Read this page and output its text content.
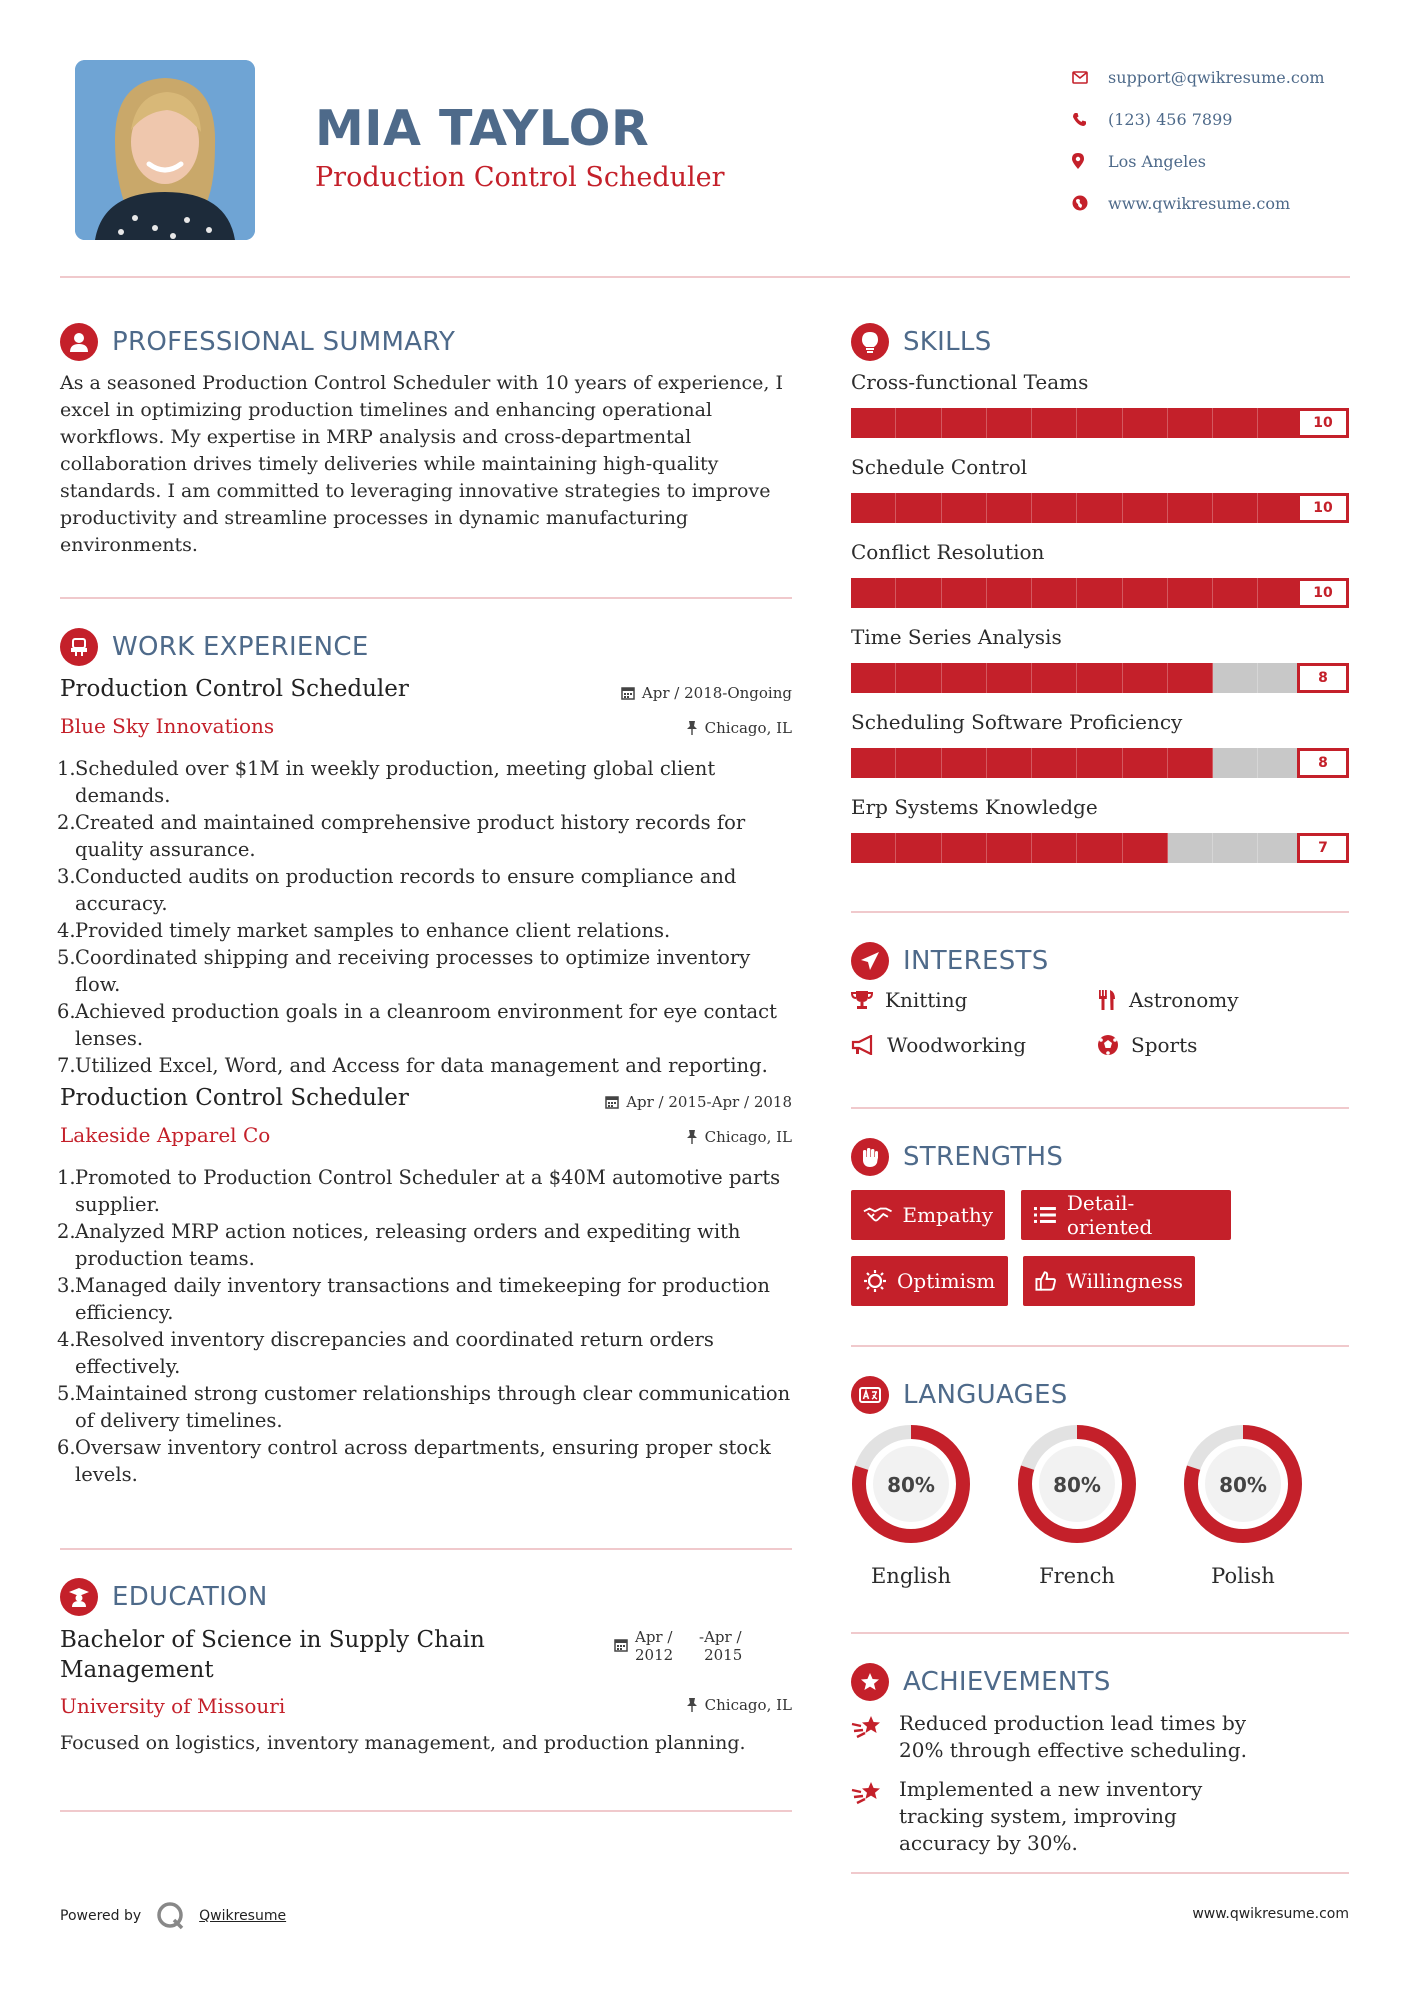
MIA TAYLOR
Production Control Scheduler
support@qwikresume.com
(123) 456 7899
Los Angeles
www.qwikresume.com
PROFESSIONAL SUMMARY
As a seasoned Production Control Scheduler with 10 years of experience, I excel in optimizing production timelines and enhancing operational workflows. My expertise in MRP analysis and cross-departmental collaboration drives timely deliveries while maintaining high-quality standards. I am committed to leveraging innovative strategies to improve productivity and streamline processes in dynamic manufacturing environments.
WORK EXPERIENCE
Production Control Scheduler	Apr / 2018-Ongoing
Blue Sky Innovations	Chicago, IL
1. Scheduled over $1M in weekly production, meeting global client demands.
2. Created and maintained comprehensive product history records for quality assurance.
3. Conducted audits on production records to ensure compliance and accuracy.
4. Provided timely market samples to enhance client relations.
5. Coordinated shipping and receiving processes to optimize inventory flow.
6. Achieved production goals in a cleanroom environment for eye contact lenses.
7. Utilized Excel, Word, and Access for data management and reporting.
Production Control Scheduler	Apr / 2015-Apr / 2018
Lakeside Apparel Co	Chicago, IL
1. Promoted to Production Control Scheduler at a $40M automotive parts supplier.
2. Analyzed MRP action notices, releasing orders and expediting with production teams.
3. Managed daily inventory transactions and timekeeping for production efficiency.
4. Resolved inventory discrepancies and coordinated return orders effectively.
5. Maintained strong customer relationships through clear communication of delivery timelines.
6. Oversaw inventory control across departments, ensuring proper stock levels.
EDUCATION
Bachelor of Science in Supply Chain Management
Apr / 2012
- Apr / 2015
University of Missouri	Chicago, IL
Focused on logistics, inventory management, and production planning.
SKILLS
Cross-functional Teams
10
Schedule Control
10
Conflict Resolution
10
Time Series Analysis
8
Scheduling Software Proficiency
8
Erp Systems Knowledge
7
INTERESTS
Knitting	Astronomy
Woodworking	Sports
STRENGTHS
Empathy	Detail-oriented
Optimism	Willingness
LANGUAGES
80%
English
80%
French
80%
Polish
ACHIEVEMENTS
Reduced production lead times by 20% through effective scheduling.
Implemented a new inventory tracking system, improving accuracy by 30%.
Powered by	Qwikresume	www.qwikresume.com
